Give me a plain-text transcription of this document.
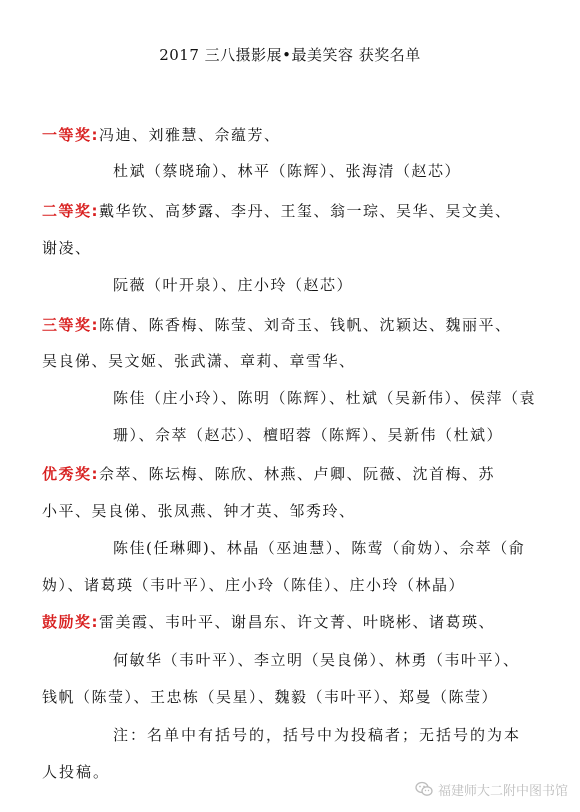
2017 三八摄影展•最美笑容 获奖名单
一等奖:冯迪、刘雅慧、佘蕴芳、
杜斌（蔡晓瑜）、林平（陈辉）、张海清（赵芯）
二等奖:戴华钦、高梦露、李丹、王玺、翁一琮、吴华、吴文美、
谢凌、
阮薇（叶开泉）、庄小玲（赵芯）
三等奖:陈倩、陈香梅、陈莹、刘奇玉、钱帆、沈颖达、魏丽平、
吴良俤、吴文姬、张武潇、章莉、章雪华、
陈佳（庄小玲）、陈明（陈辉）、杜斌（吴新伟）、侯萍（袁
珊）、佘萃（赵芯）、檀昭蓉（陈辉）、吴新伟（杜斌）
优秀奖:佘萃、陈坛梅、陈欣、林燕、卢卿、阮薇、沈首梅、苏
小平、吴良俤、张凤燕、钟才英、邹秀玲、
陈佳(任琳卿)、林晶（巫迪慧）、陈莺（俞妫）、佘萃（俞
妫）、诸葛瑛（韦叶平）、庄小玲（陈佳）、庄小玲（林晶）
鼓励奖:雷美霞、韦叶平、谢昌东、许文菁、叶晓彬、诸葛瑛、
何敏华（韦叶平）、李立明（吴良俤）、林勇（韦叶平）、
钱帆（陈莹）、王忠栋（吴星）、魏毅（韦叶平）、郑曼（陈莹）
注：名单中有括号的，括号中为投稿者；无括号的为本
人投稿。
福建师大二附中图书馆
